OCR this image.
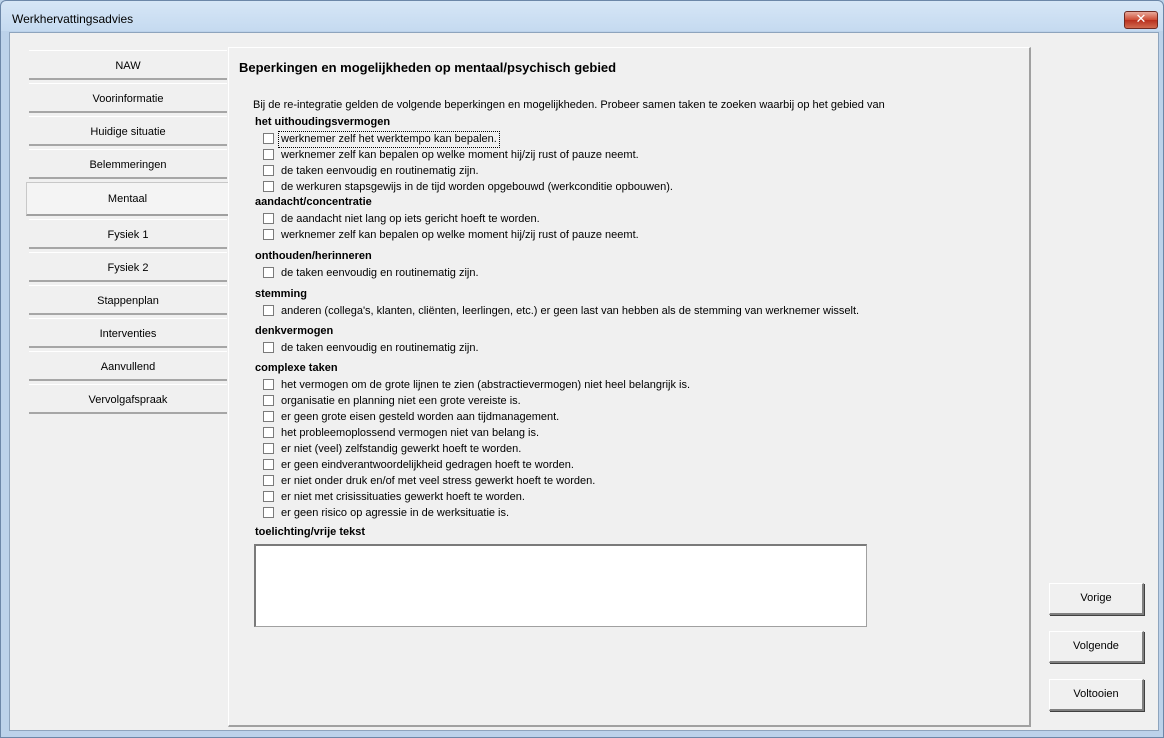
Werkhervattingsadvies	✕
NAW
Voorinformatie
Huidige situatie
Belemmeringen
Mentaal
Fysiek 1
Fysiek 2
Stappenplan
Interventies
Aanvullend
Vervolgafspraak
Beperkingen en mogelijkheden op mentaal/psychisch gebied
Bij de re-integratie gelden de volgende beperkingen en mogelijkheden. Probeer samen taken te zoeken waarbij op het gebied van
het uithoudingsvermogen
werknemer zelf het werktempo kan bepalen.
werknemer zelf kan bepalen op welke moment hij/zij rust of pauze neemt.
de taken eenvoudig en routinematig zijn.
de werkuren stapsgewijs in de tijd worden opgebouwd (werkconditie opbouwen).
aandacht/concentratie
de aandacht niet lang op iets gericht hoeft te worden.
werknemer zelf kan bepalen op welke moment hij/zij rust of pauze neemt.
onthouden/herinneren
de taken eenvoudig en routinematig zijn.
stemming
anderen (collega's, klanten, cliënten, leerlingen, etc.) er geen last van hebben als de stemming van werknemer wisselt.
denkvermogen
de taken eenvoudig en routinematig zijn.
complexe taken
het vermogen om de grote lijnen te zien (abstractievermogen) niet heel belangrijk is.
organisatie en planning niet een grote vereiste is.
er geen grote eisen gesteld worden aan tijdmanagement.
het probleemoplossend vermogen niet van belang is.
er niet (veel) zelfstandig gewerkt hoeft te worden.
er geen eindverantwoordelijkheid gedragen hoeft te worden.
er niet onder druk en/of met veel stress gewerkt hoeft te worden.
er niet met crisissituaties gewerkt hoeft te worden.
er geen risico op agressie in de werksituatie is.
toelichting/vrije tekst
Vorige
Volgende
Voltooien
